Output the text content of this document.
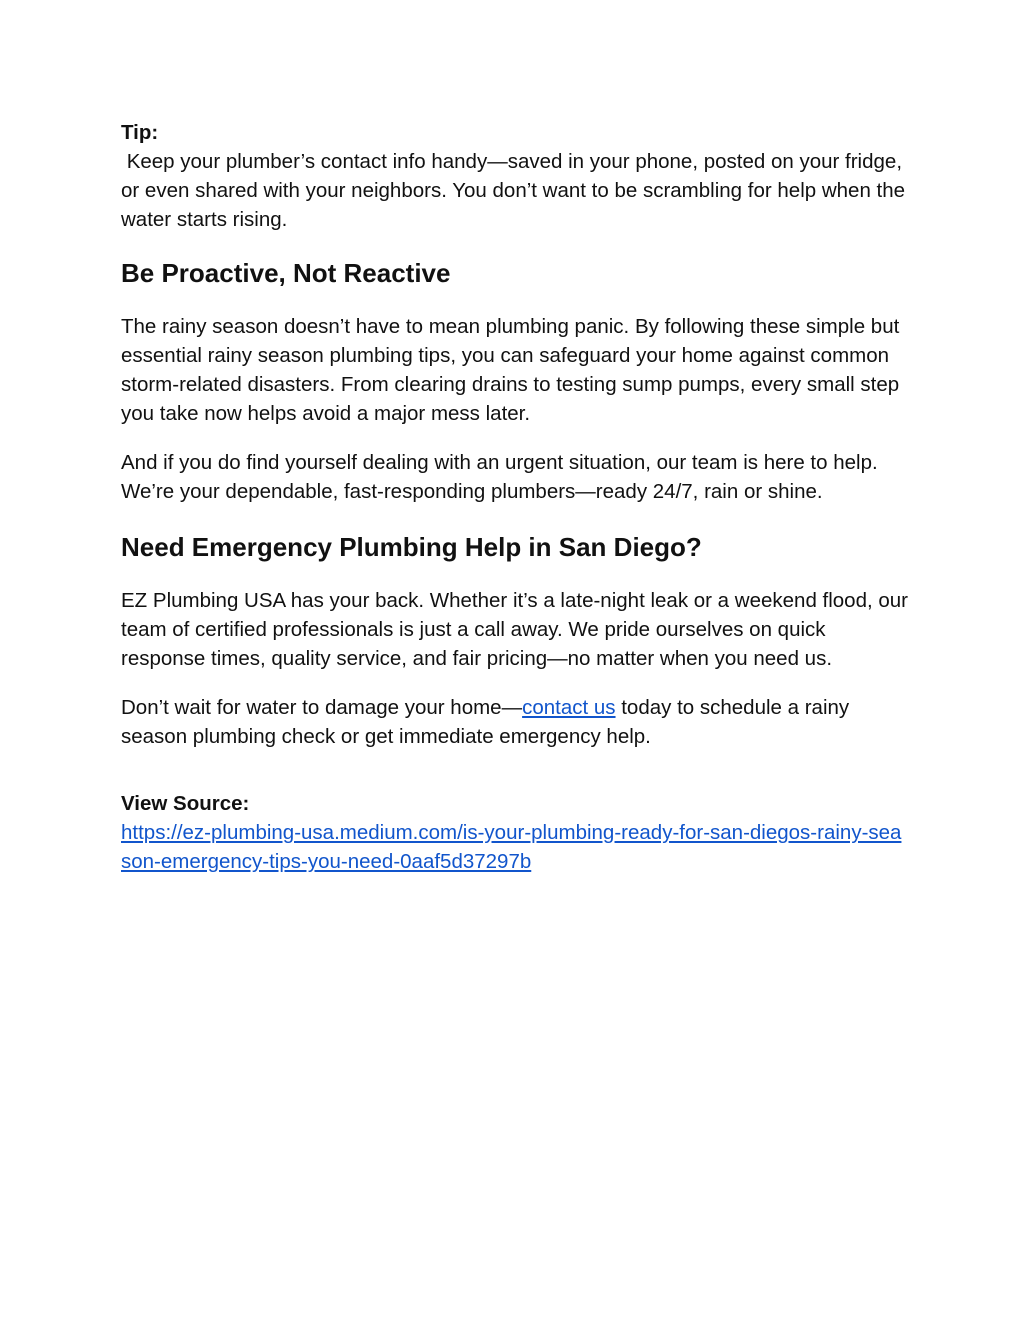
Tip:
Keep your plumber’s contact info handy—saved in your phone, posted on your fridge, or even shared with your neighbors. You don’t want to be scrambling for help when the water starts rising.

Be Proactive, Not Reactive

The rainy season doesn’t have to mean plumbing panic. By following these simple but essential rainy season plumbing tips, you can safeguard your home against common storm-related disasters. From clearing drains to testing sump pumps, every small step you take now helps avoid a major mess later.

And if you do find yourself dealing with an urgent situation, our team is here to help. We’re your dependable, fast-responding plumbers—ready 24/7, rain or shine.

Need Emergency Plumbing Help in San Diego?

EZ Plumbing USA has your back. Whether it’s a late-night leak or a weekend flood, our team of certified professionals is just a call away. We pride ourselves on quick response times, quality service, and fair pricing—no matter when you need us.

Don’t wait for water to damage your home—contact us today to schedule a rainy season plumbing check or get immediate emergency help.

View Source:
https://ez-plumbing-usa.medium.com/is-your-plumbing-ready-for-san-diegos-rainy-season-emergency-tips-you-need-0aaf5d37297b
